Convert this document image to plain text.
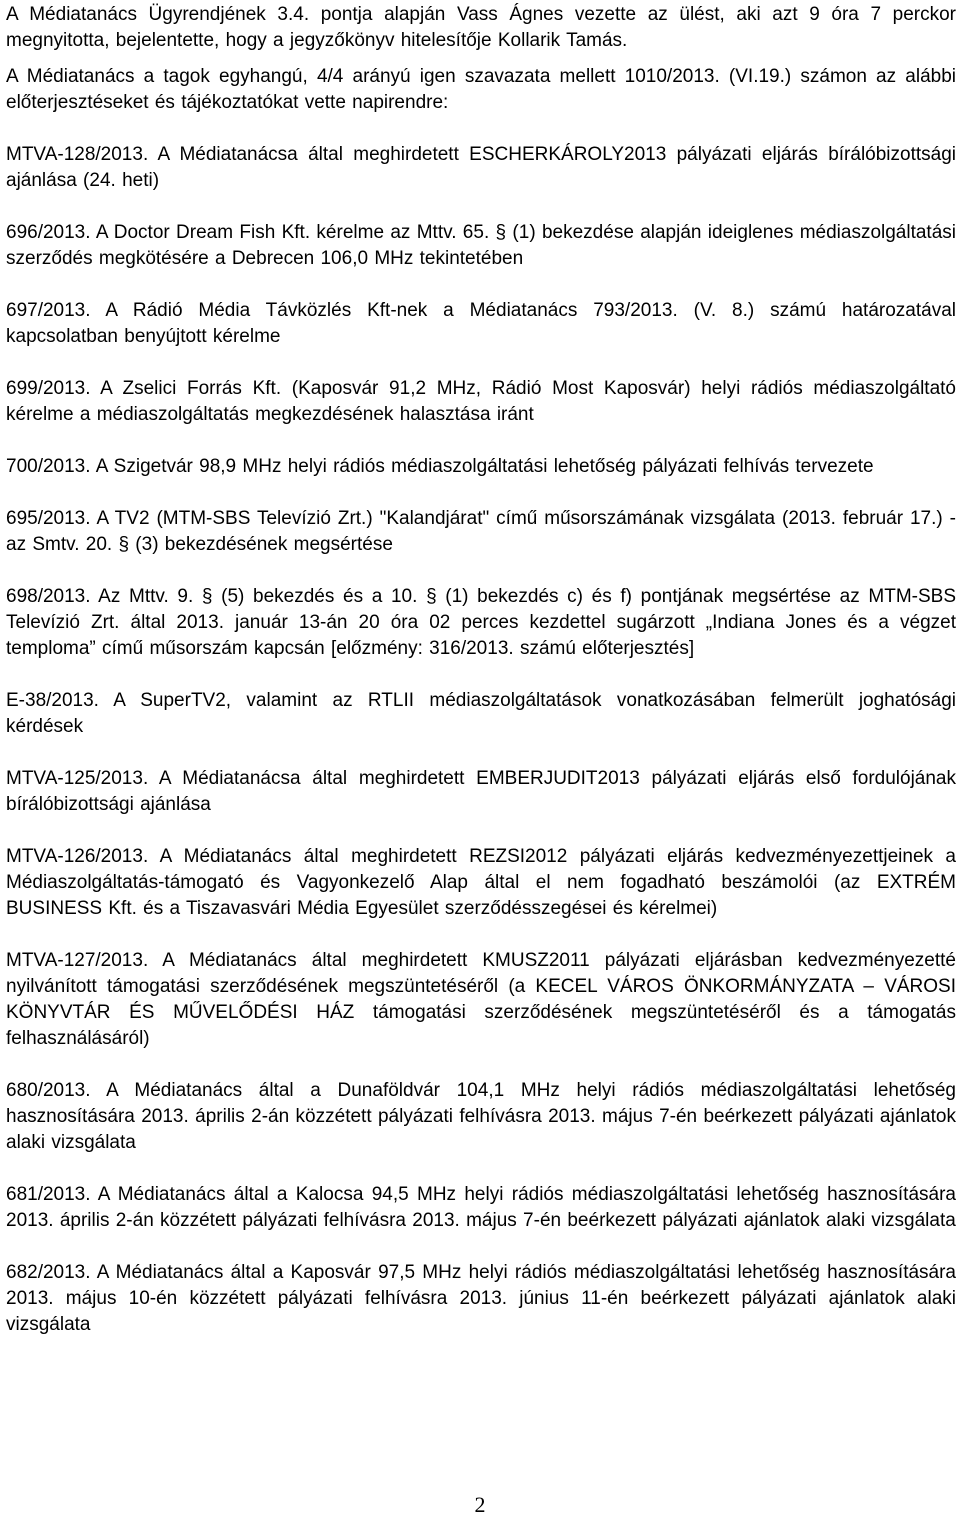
A Médiatanács Ügyrendjének 3.4. pontja alapján Vass Ágnes vezette az ülést, aki azt 9 óra 7 perckor megnyitotta, bejelentette, hogy a jegyzőkönyv hitelesítője Kollarik Tamás.

A Médiatanács a tagok egyhangú, 4/4 arányú igen szavazata mellett 1010/2013. (VI.19.) számon az alábbi előterjesztéseket és tájékoztatókat vette napirendre:

MTVA-128/2013. A Médiatanácsa által meghirdetett ESCHERKÁROLY2013 pályázati eljárás bírálóbizottsági ajánlása (24. heti)

696/2013. A Doctor Dream Fish Kft. kérelme az Mttv. 65. § (1) bekezdése alapján ideiglenes médiaszolgáltatási szerződés megkötésére a Debrecen 106,0 MHz tekintetében

697/2013. A Rádió Média Távközlés Kft-nek a Médiatanács 793/2013. (V. 8.) számú határozatával kapcsolatban benyújtott kérelme

699/2013. A Zselici Forrás Kft. (Kaposvár 91,2 MHz, Rádió Most Kaposvár) helyi rádiós médiaszolgáltató kérelme a médiaszolgáltatás megkezdésének halasztása iránt

700/2013. A Szigetvár 98,9 MHz helyi rádiós médiaszolgáltatási lehetőség pályázati felhívás tervezete

695/2013. A TV2 (MTM-SBS Televízió Zrt.) "Kalandjárat" című műsorszámának vizsgálata (2013. február 17.) - az Smtv. 20. § (3) bekezdésének megsértése

698/2013. Az Mttv. 9. § (5) bekezdés és a 10. § (1) bekezdés c) és f) pontjának megsértése az MTM-SBS Televízió Zrt. által 2013. január 13-án 20 óra 02 perces kezdettel sugárzott „Indiana Jones és a végzet temploma” című műsorszám kapcsán [előzmény: 316/2013. számú előterjesztés]

E-38/2013. A SuperTV2, valamint az RTLII médiaszolgáltatások vonatkozásában felmerült joghatósági kérdések

MTVA-125/2013. A Médiatanácsa által meghirdetett EMBERJUDIT2013 pályázati eljárás első fordulójának bírálóbizottsági ajánlása

MTVA-126/2013. A Médiatanács által meghirdetett REZSI2012 pályázati eljárás kedvezményezettjeinek a Médiaszolgáltatás-támogató és Vagyonkezelő Alap által el nem fogadható beszámolói (az EXTRÉM BUSINESS Kft. és a Tiszavasvári Média Egyesület szerződésszegései és kérelmei)

MTVA-127/2013. A Médiatanács által meghirdetett KMUSZ2011 pályázati eljárásban kedvezményezetté nyilvánított támogatási szerződésének megszüntetéséről (a KECEL VÁROS ÖNKORMÁNYZATA – VÁROSI KÖNYVTÁR ÉS MŰVELŐDÉSI HÁZ támogatási szerződésének megszüntetéséről és a támogatás felhasználásáról)

680/2013. A Médiatanács által a Dunaföldvár 104,1 MHz helyi rádiós médiaszolgáltatási lehetőség hasznosítására 2013. április 2-án közzétett pályázati felhívásra 2013. május 7-én beérkezett pályázati ajánlatok alaki vizsgálata

681/2013. A Médiatanács által a Kalocsa 94,5 MHz helyi rádiós médiaszolgáltatási lehetőség hasznosítására 2013. április 2-án közzétett pályázati felhívásra 2013. május 7-én beérkezett pályázati ajánlatok alaki vizsgálata

682/2013. A Médiatanács által a Kaposvár 97,5 MHz helyi rádiós médiaszolgáltatási lehetőség hasznosítására 2013. május 10-én közzétett pályázati felhívásra 2013. június 11-én beérkezett pályázati ajánlatok alaki vizsgálata

2
